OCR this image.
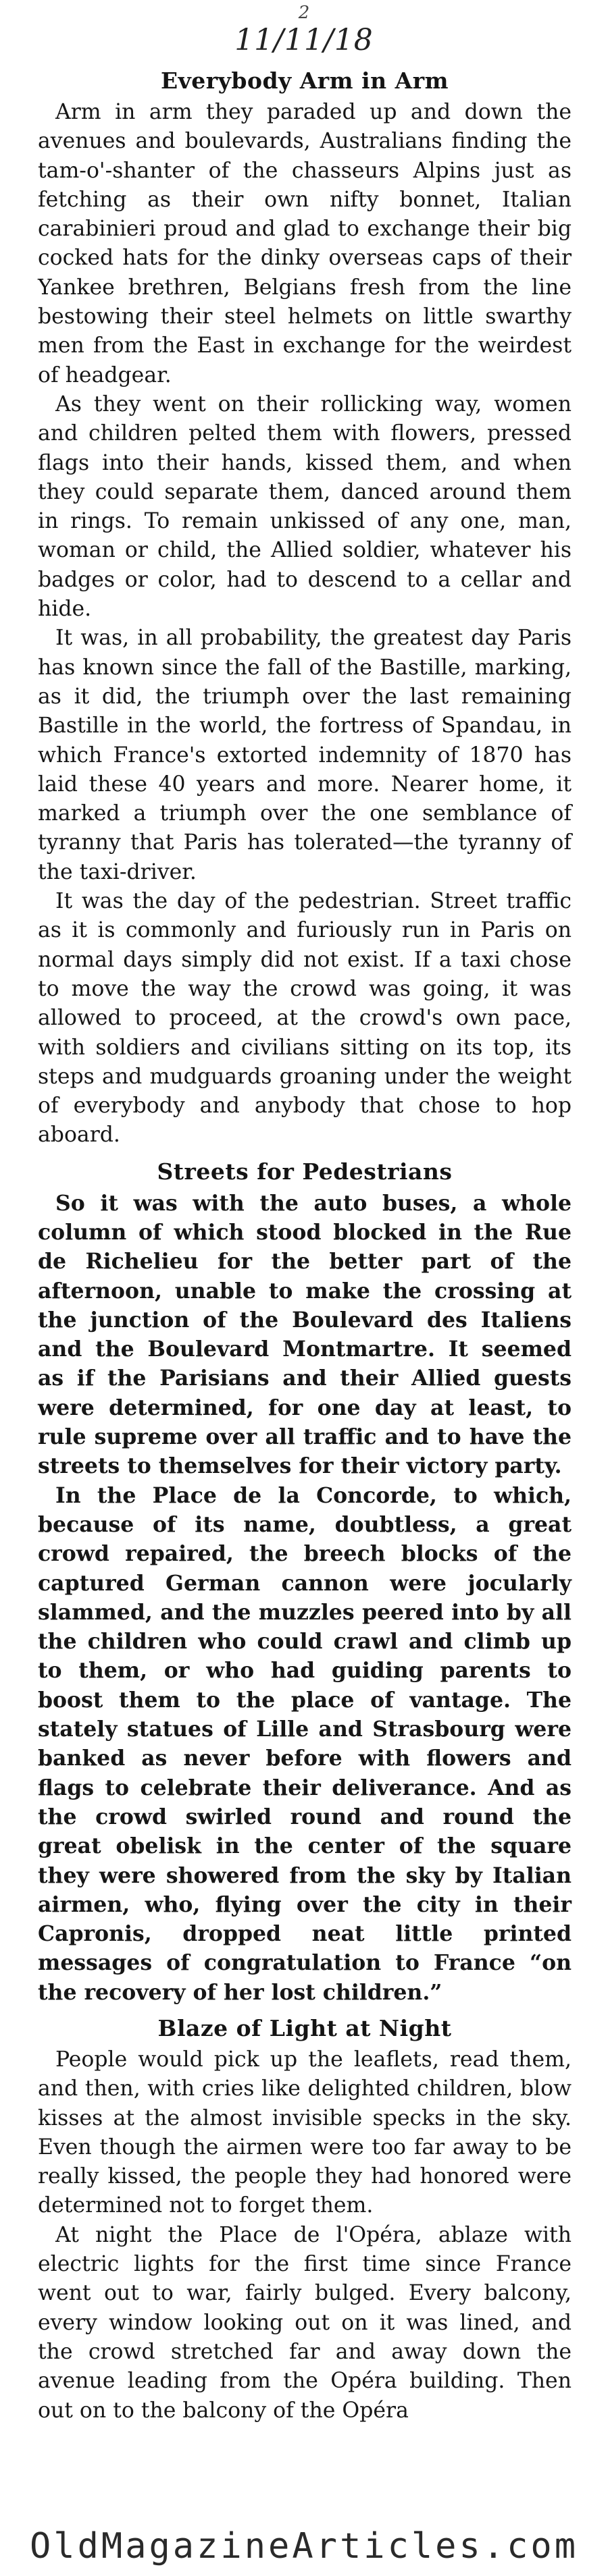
2
11/11/18
Everybody Arm in Arm

Arm in arm they paraded up and down the avenues and boulevards, Australians finding the tam-o'-shanter of the chasseurs Alpins just as fetching as their own nifty bonnet, Italian carabinieri proud and glad to exchange their big cocked hats for the dinky overseas caps of their Yankee brethren, Belgians fresh from the line bestowing their steel helmets on little swarthy men from the East in exchange for the weirdest of headgear.

As they went on their rollicking way, women and children pelted them with flowers, pressed flags into their hands, kissed them, and when they could separate them, danced around them in rings. To remain unkissed of any one, man, woman or child, the Allied soldier, whatever his badges or color, had to descend to a cellar and hide.

It was, in all probability, the greatest day Paris has known since the fall of the Bastille, marking, as it did, the triumph over the last remaining Bastille in the world, the fortress of Spandau, in which France's extorted indemnity of 1870 has laid these 40 years and more. Nearer home, it marked a triumph over the one semblance of tyranny that Paris has tolerated—the tyranny of the taxi-driver.

It was the day of the pedestrian. Street traffic as it is commonly and furiously run in Paris on normal days simply did not exist. If a taxi chose to move the way the crowd was going, it was allowed to proceed, at the crowd's own pace, with soldiers and civilians sitting on its top, its steps and mudguards groaning under the weight of everybody and anybody that chose to hop aboard.

Streets for Pedestrians

So it was with the auto buses, a whole column of which stood blocked in the Rue de Richelieu for the better part of the afternoon, unable to make the crossing at the junction of the Boulevard des Italiens and the Boulevard Montmartre. It seemed as if the Parisians and their Allied guests were determined, for one day at least, to rule supreme over all traffic and to have the streets to themselves for their victory party.

In the Place de la Concorde, to which, because of its name, doubtless, a great crowd repaired, the breech blocks of the captured German cannon were jocularly slammed, and the muzzles peered into by all the children who could crawl and climb up to them, or who had guiding parents to boost them to the place of vantage. The stately statues of Lille and Strasbourg were banked as never before with flowers and flags to celebrate their deliverance. And as the crowd swirled round and round the great obelisk in the center of the square they were showered from the sky by Italian airmen, who, flying over the city in their Capronis, dropped neat little printed messages of congratulation to France “on the recovery of her lost children.”

Blaze of Light at Night

People would pick up the leaflets, read them, and then, with cries like delighted children, blow kisses at the almost invisible specks in the sky. Even though the airmen were too far away to be really kissed, the people they had honored were determined not to forget them.

At night the Place de l'Opéra, ablaze with electric lights for the first time since France went out to war, fairly bulged. Every balcony, every window looking out on it was lined, and the crowd stretched far and away down the avenue leading from the Opéra building. Then out on to the balcony of the Opéra

OldMagazineArticles.com
